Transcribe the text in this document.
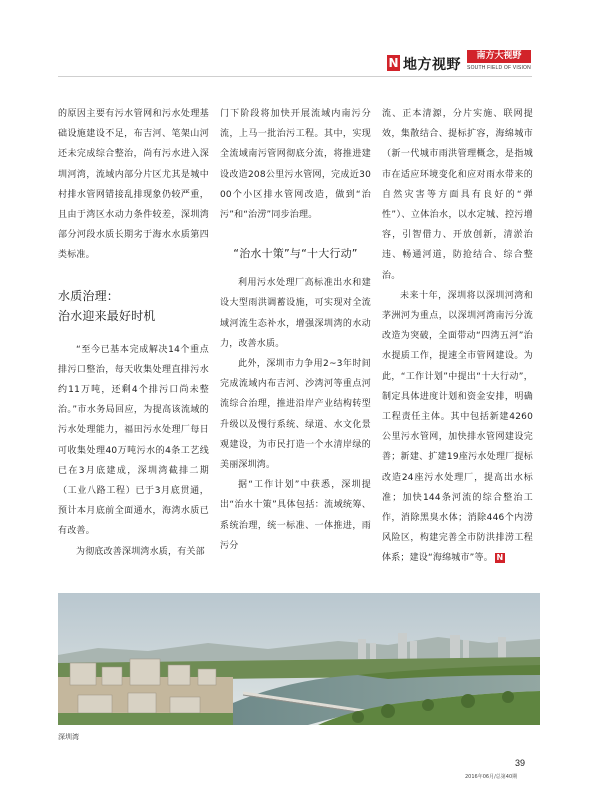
N 地方视野
南方大视野
SOUTH FIELD OF VISION

的原因主要有污水管网和污水处理基础设施建设不足，布吉河、笔架山河还未完成综合整治，尚有污水进入深圳河湾，流域内部分片区尤其是城中村排水管网错接乱排现象仍较严重，且由于湾区水动力条件较差，深圳湾部分河段水质长期劣于海水水质第四类标准。

水质治理：
治水迎来最好时机

“至今已基本完成解决14个重点排污口整治，每天收集处理直排污水约11万吨，还剩4个排污口尚未整治。”市水务局回应，为提高该流域的污水处理能力，福田污水处理厂每日可收集处理40万吨污水的4条工艺线已在3月底建成，深圳湾截排二期（工业八路工程）已于3月底贯通，预计本月底前全面通水，海湾水质已有改善。

为彻底改善深圳湾水质，有关部

门下阶段将加快开展流域内南污分流，上马一批治污工程。其中，实现全流域南污管网彻底分流，将推进建设改造208公里污水管网，完成近3000个小区排水管网改造，做到“治污”和“治涝”同步治理。

“治水十策”与“十大行动”

利用污水处理厂高标准出水和建设大型雨洪调蓄设施，可实现对全流域河流生态补水，增强深圳湾的水动力，改善水质。

此外，深圳市力争用2~3年时间完成流域内布吉河、沙湾河等重点河流综合治理，推进沿岸产业结构转型升级以及慢行系统、绿道、水文化景观建设，为市民打造一个水清岸绿的美丽深圳湾。

据“工作计划”中获悉，深圳提出“治水十策”具体包括：流域统筹、系统治理，统一标准、一体推进，雨污分

流、正本清源，分片实施、联网提效，集散结合、提标扩容，海绵城市（新一代城市雨洪管理概念，是指城市在适应环境变化和应对雨水带来的自然灾害等方面具有良好的“弹性”）、立体治水，以水定城、控污增容，引智借力、开放创新，清淤治违、畅通河道，防抢结合、综合整治。

未来十年，深圳将以深圳河湾和茅洲河为重点，以深圳河湾南污分流改造为突破，全面带动“四湾五河”治水提质工作，提速全市管网建设。为此，“工作计划”中提出“十大行动”，制定具体进度计划和资金安排，明确工程责任主体。其中包括新建4260公里污水管网，加快排水管网建设完善；新建、扩建19座污水处理厂提标改造24座污水处理厂，提高出水标准；加快144条河流的综合整治工作，消除黑臭水体；消除446个内涝风险区，构建完善全市防洪排涝工程体系；建设“海绵城市”等。 N

深圳湾
39
2016年06月/总第40期
